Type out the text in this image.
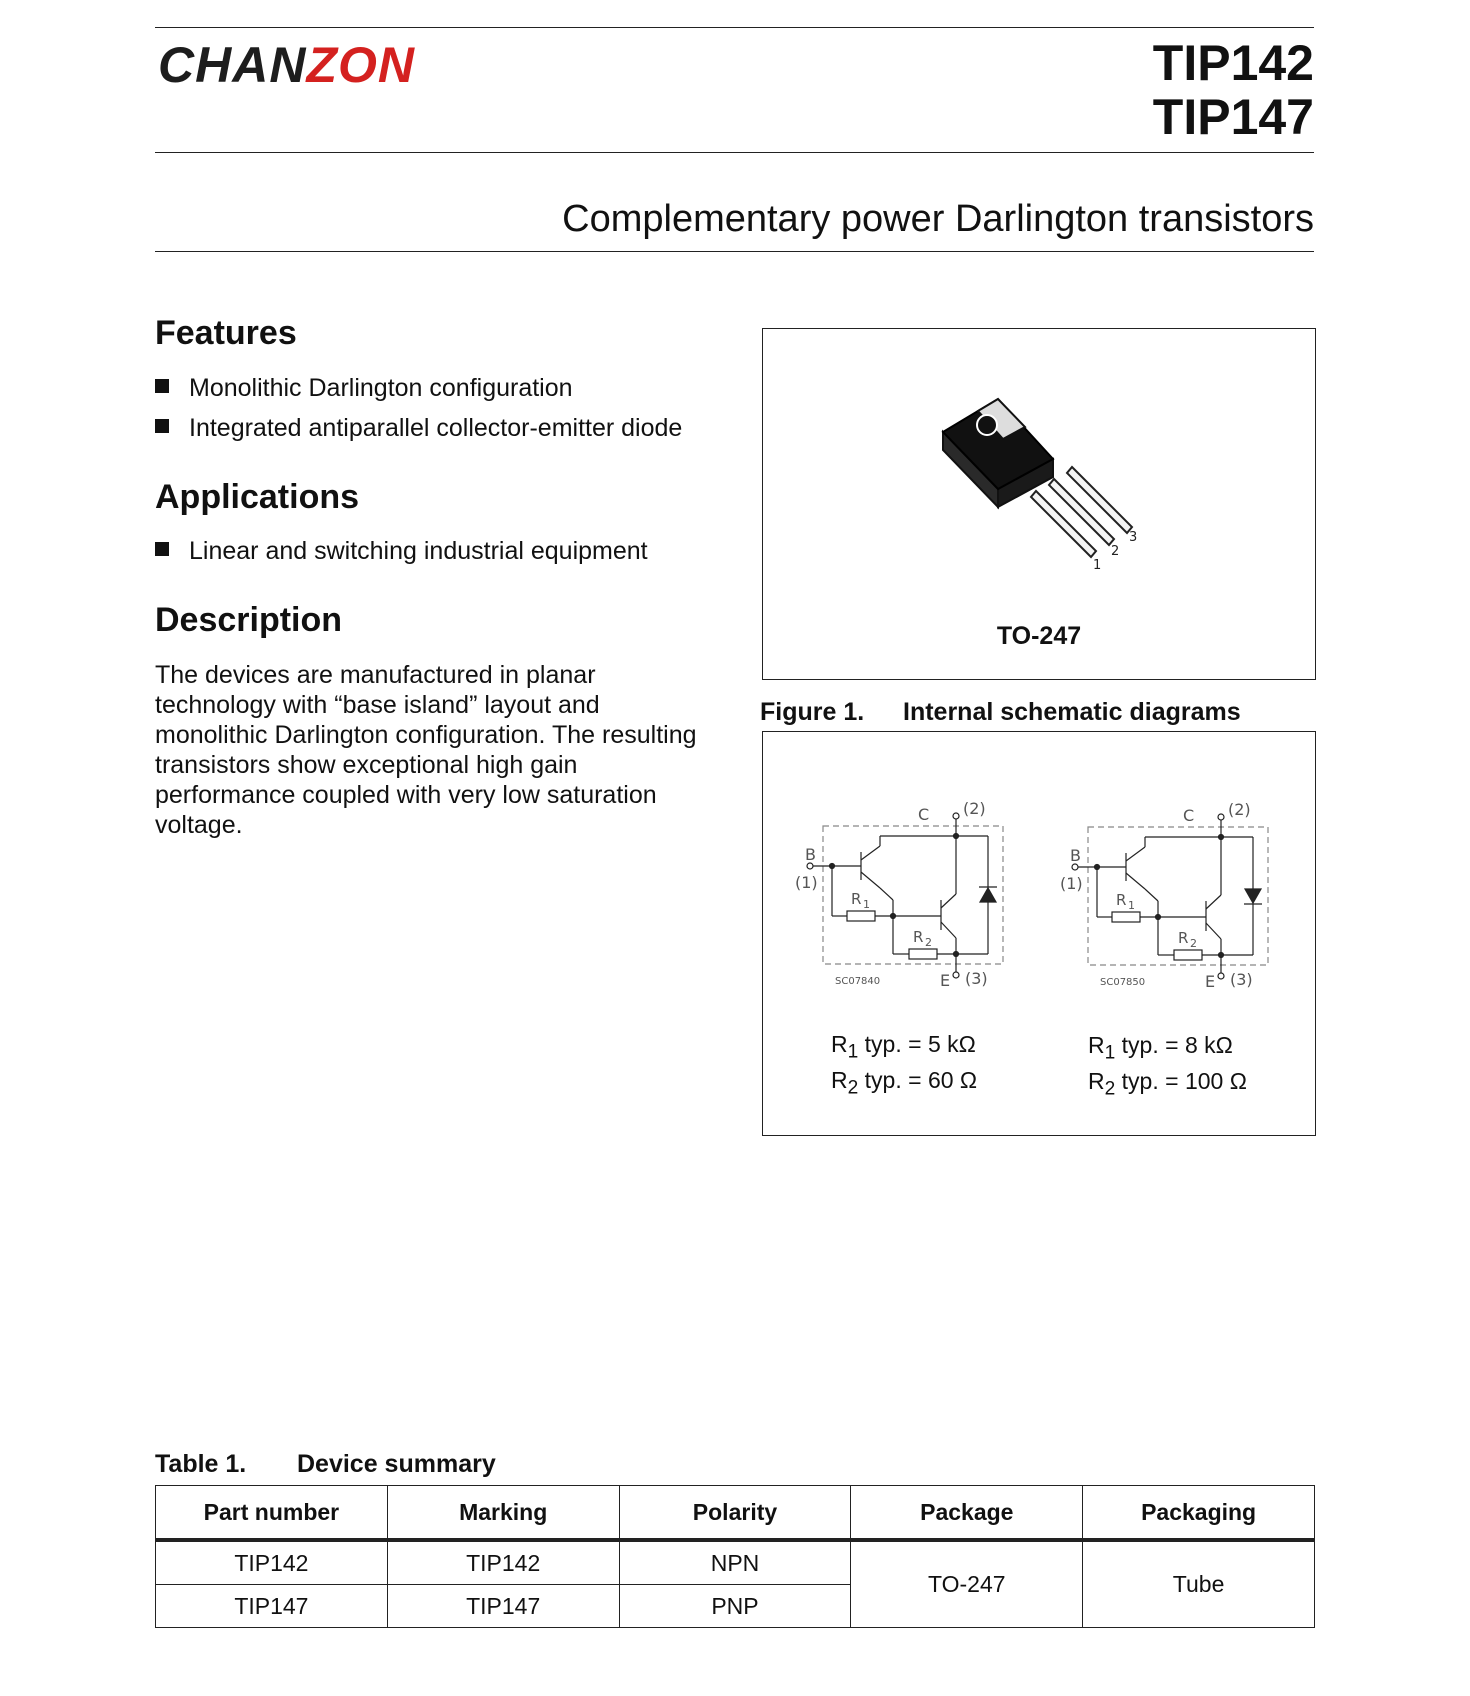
CHANZON	TIP142
TIP147
Complementary power Darlington transistors
Features
Monolithic Darlington configuration
Integrated antiparallel collector-emitter diode
Applications
Linear and switching industrial equipment
Description
The devices are manufactured in planar technology with “base island” layout and monolithic Darlington configuration. The resulting transistors show exceptional high gain performance coupled with very low saturation voltage.
1
2
3
TO-247
Figure 1. Internal schematic diagrams
C (2)
B
(1)
R 1
R 2
E (3)
SC07840
C (2)
B
(1)
R 1
R 2
E (3)
SC07850
$R_1$ typ. = 5 kΩ
$R_2$ typ. = 60 Ω
$R_1$ typ. = 8 kΩ
$R_2$ typ. = 100 Ω
Table 1. Device summary
Part number	Marking	Polarity	Package	Packaging
TIP142	TIP142	NPN	TO-247	Tube
TIP147	TIP147	PNP		
